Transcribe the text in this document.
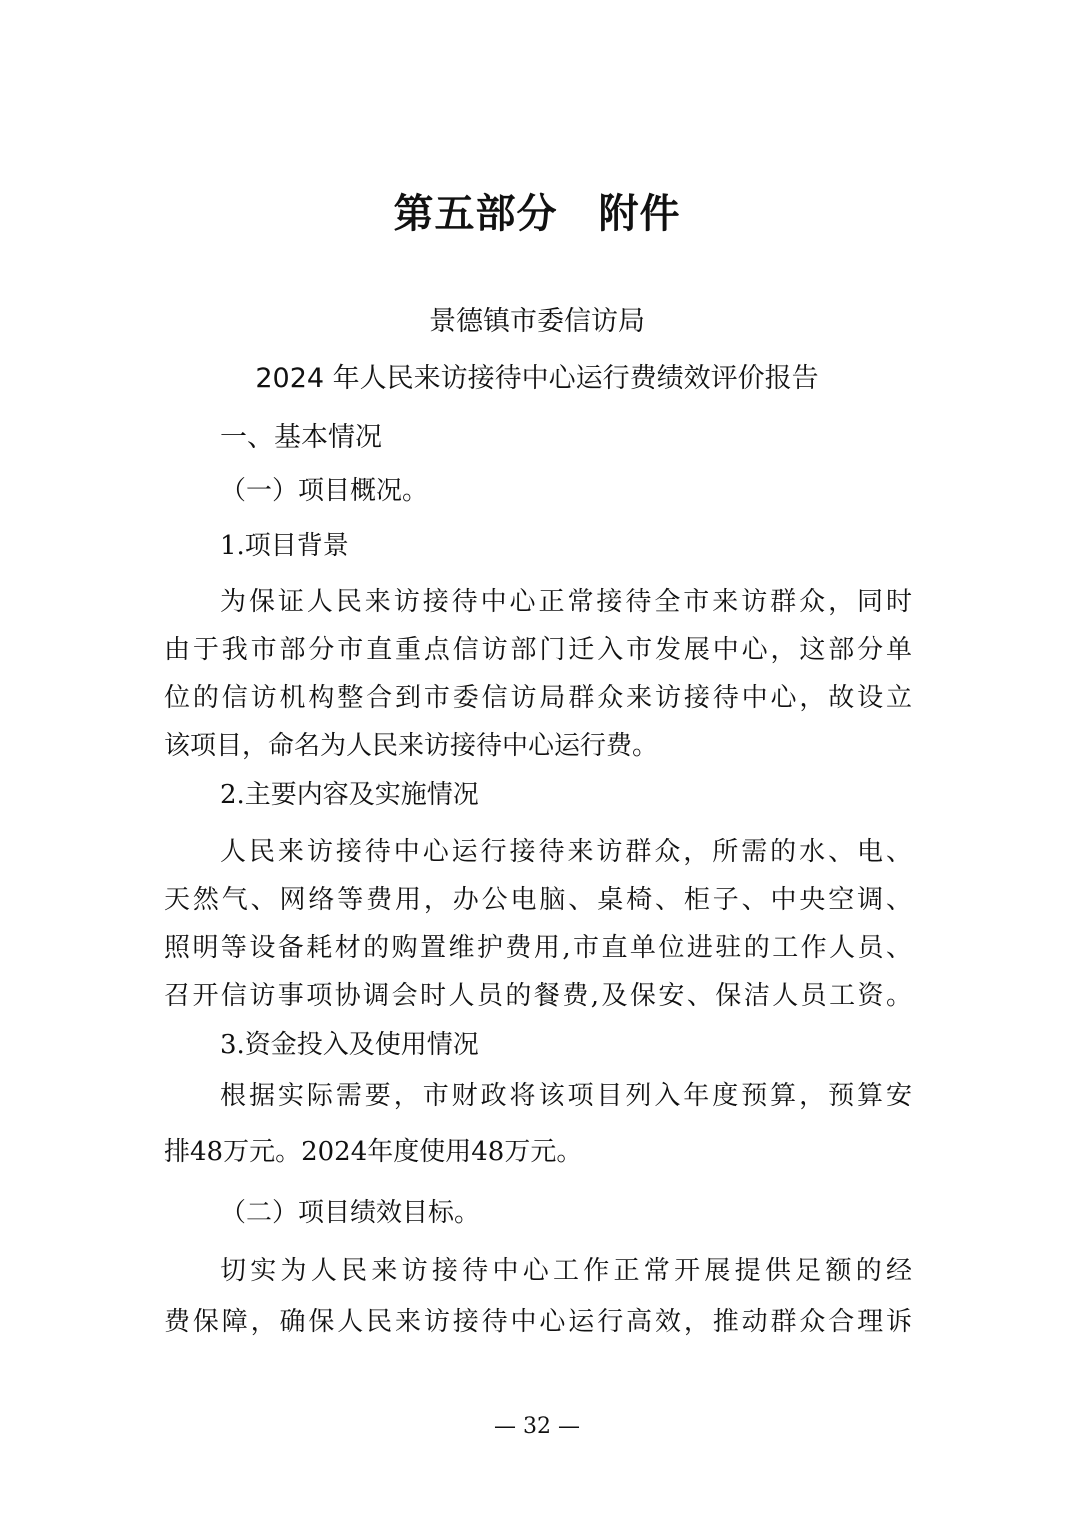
第五部分　附件
景德镇市委信访局
2024 年人民来访接待中心运行费绩效评价报告
一、基本情况
（一）项目概况。
1.项目背景
为保证人民来访接待中心正常接待全市来访群众，同时
由于我市部分市直重点信访部门迁入市发展中心，这部分单
位的信访机构整合到市委信访局群众来访接待中心，故设立
该项目，命名为人民来访接待中心运行费。
2.主要内容及实施情况
人民来访接待中心运行接待来访群众，所需的水、电、
天然气、网络等费用，办公电脑、桌椅、柜子、中央空调、
照明等设备耗材的购置维护费用,市直单位进驻的工作人员、
召开信访事项协调会时人员的餐费,及保安、保洁人员工资。
3.资金投入及使用情况
根据实际需要，市财政将该项目列入年度预算，预算安
排48万元。2024年度使用48万元。
（二）项目绩效目标。
切实为人民来访接待中心工作正常开展提供足额的经
费保障，确保人民来访接待中心运行高效，推动群众合理诉
— 32 —
